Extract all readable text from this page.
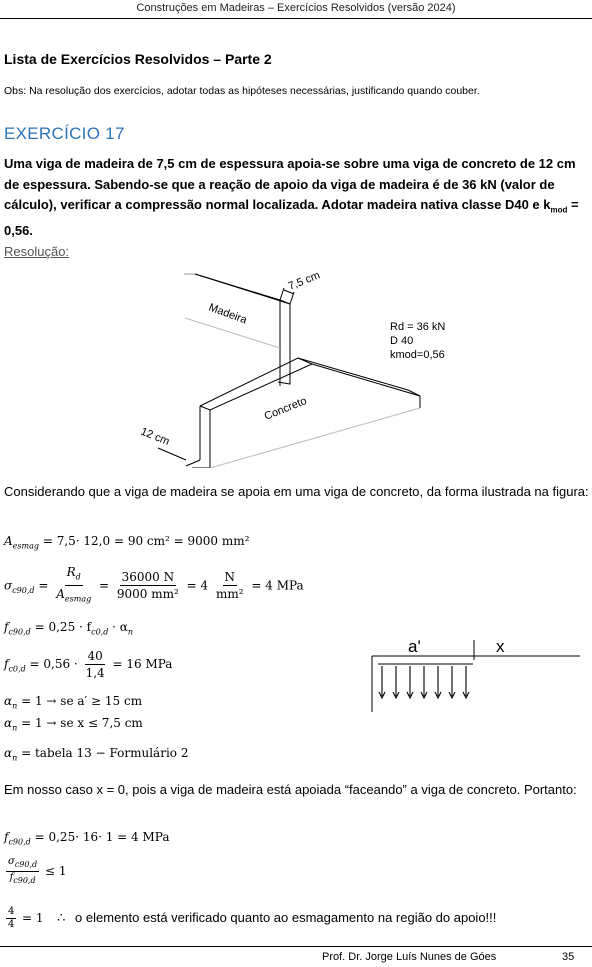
Construções em Madeiras – Exercícios Resolvidos (versão 2024)
Lista de Exercícios Resolvidos – Parte 2
Obs: Na resolução dos exercícios, adotar todas as hipóteses necessárias, justificando quando couber.
EXERCÍCIO 17
Uma viga de madeira de 7,5 cm de espessura apoia-se sobre uma viga de concreto de 12 cm de espessura. Sabendo-se que a reação de apoio da viga de madeira é de 36 kN (valor de cálculo), verificar a compressão normal localizada. Adotar madeira nativa classe D40 e $k_{mod} = 0,56$.
Resolução:
7,5 cm
Madeira
Concreto
12 cm
Rd = 36 kN
D 40
kmod=0,56
Considerando que a viga de madeira se apoia em uma viga de concreto, da forma ilustrada na figura:
$A_{esmag} = 7,5\cdot 12,0 = 90$ cm² = 9000 mm²
$\sigma_{c90,d} = \frac{R_d}{A_{esmag}} = \frac{36000 N}{\text{9000 mm²}} = 4 \frac{N}{\text{mm²}} = 4$ MPa
$f_{c90,d} = 0,25 \cdot f_{c0,d} \cdot \alpha_n$
$f_{c0,d} = 0,56 \cdot \frac{40}{1,4} = 16$ MPa
$\alpha_n = 1$ → se a′ ≥ 15 cm
$\alpha_n = 1$ → se x ≤ 7,5 cm
$\alpha_n$ = tabela 13 − Formulário 2
a'	x
Em nosso caso x = 0, pois a viga de madeira está apoiada “faceando” a viga de concreto. Portanto:
$f_{c90,d} = 0,25\cdot 16\cdot 1 = 4$ MPa
$\frac{\sigma_{c90,d}}{f_{c90,d}} \le 1$
$\frac{4}{4} = 1$ ∴ o elemento está verificado quanto ao esmagamento na região do apoio!!!
Prof. Dr. Jorge Luís Nunes de Góes	35
